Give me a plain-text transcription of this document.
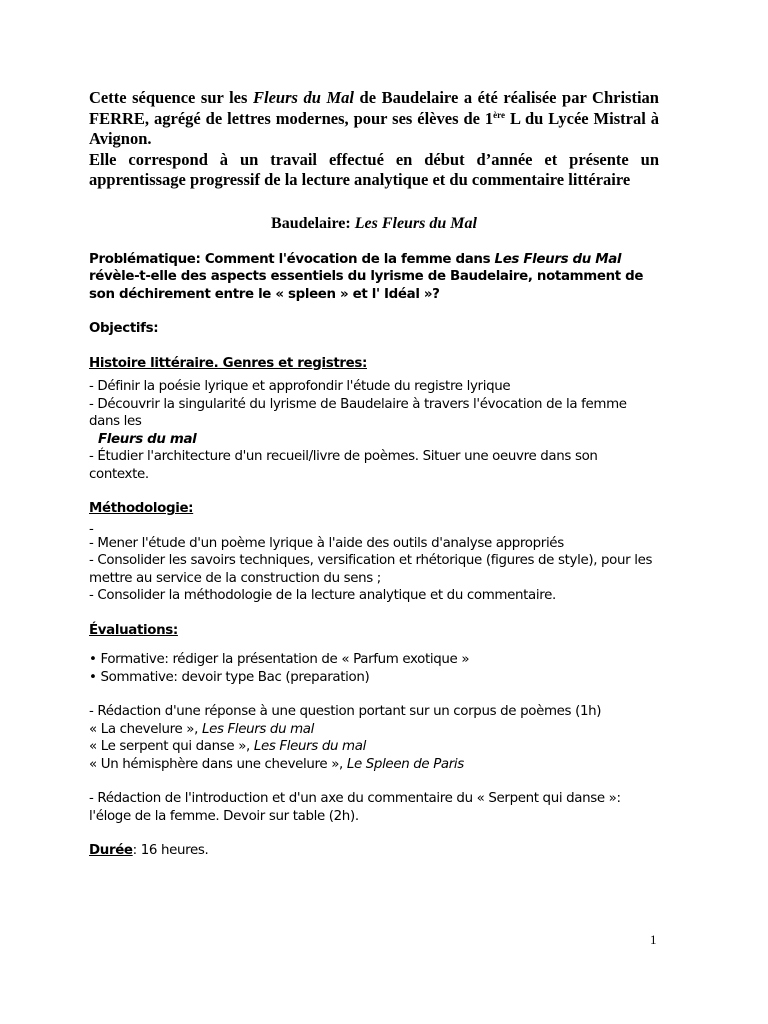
Cette séquence sur les Fleurs du Mal de Baudelaire a été réalisée par Christian FERRE, agrégé de lettres modernes, pour ses élèves de 1ère L du Lycée Mistral à Avignon.

Elle correspond à un travail effectué en début d’année et présente un apprentissage progressif de la lecture analytique et du commentaire littéraire

Baudelaire: Les Fleurs du Mal
Problématique: Comment l'évocation de la femme dans Les Fleurs du Mal révèle-t-elle des aspects essentiels du lyrisme de Baudelaire, notamment de son déchirement entre le « spleen » et l' Idéal »?
Objectifs:

Histoire littéraire. Genres et registres:

- Définir la poésie lyrique et approfondir l'étude du registre lyrique

- Découvrir la singularité du lyrisme de Baudelaire à travers l'évocation de la femme dans les

Fleurs du mal

- Étudier l'architecture d'un recueil/livre de poèmes. Situer une oeuvre dans son contexte.

Méthodologie:

-

- Mener l'étude d'un poème lyrique à l'aide des outils d'analyse appropriés

- Consolider les savoirs techniques, versification et rhétorique (figures de style), pour les mettre au service de la construction du sens ;

- Consolider la méthodologie de la lecture analytique et du commentaire.

Évaluations:

• Formative: rédiger la présentation de « Parfum exotique »

• Sommative: devoir type Bac (preparation)

- Rédaction d'une réponse à une question portant sur un corpus de poèmes (1h)

« La chevelure », Les Fleurs du mal

« Le serpent qui danse », Les Fleurs du mal

« Un hémisphère dans une chevelure », Le Spleen de Paris

- Rédaction de l'introduction et d'un axe du commentaire du « Serpent qui danse »: l'éloge de la femme. Devoir sur table (2h).

Durée: 16 heures.
1
